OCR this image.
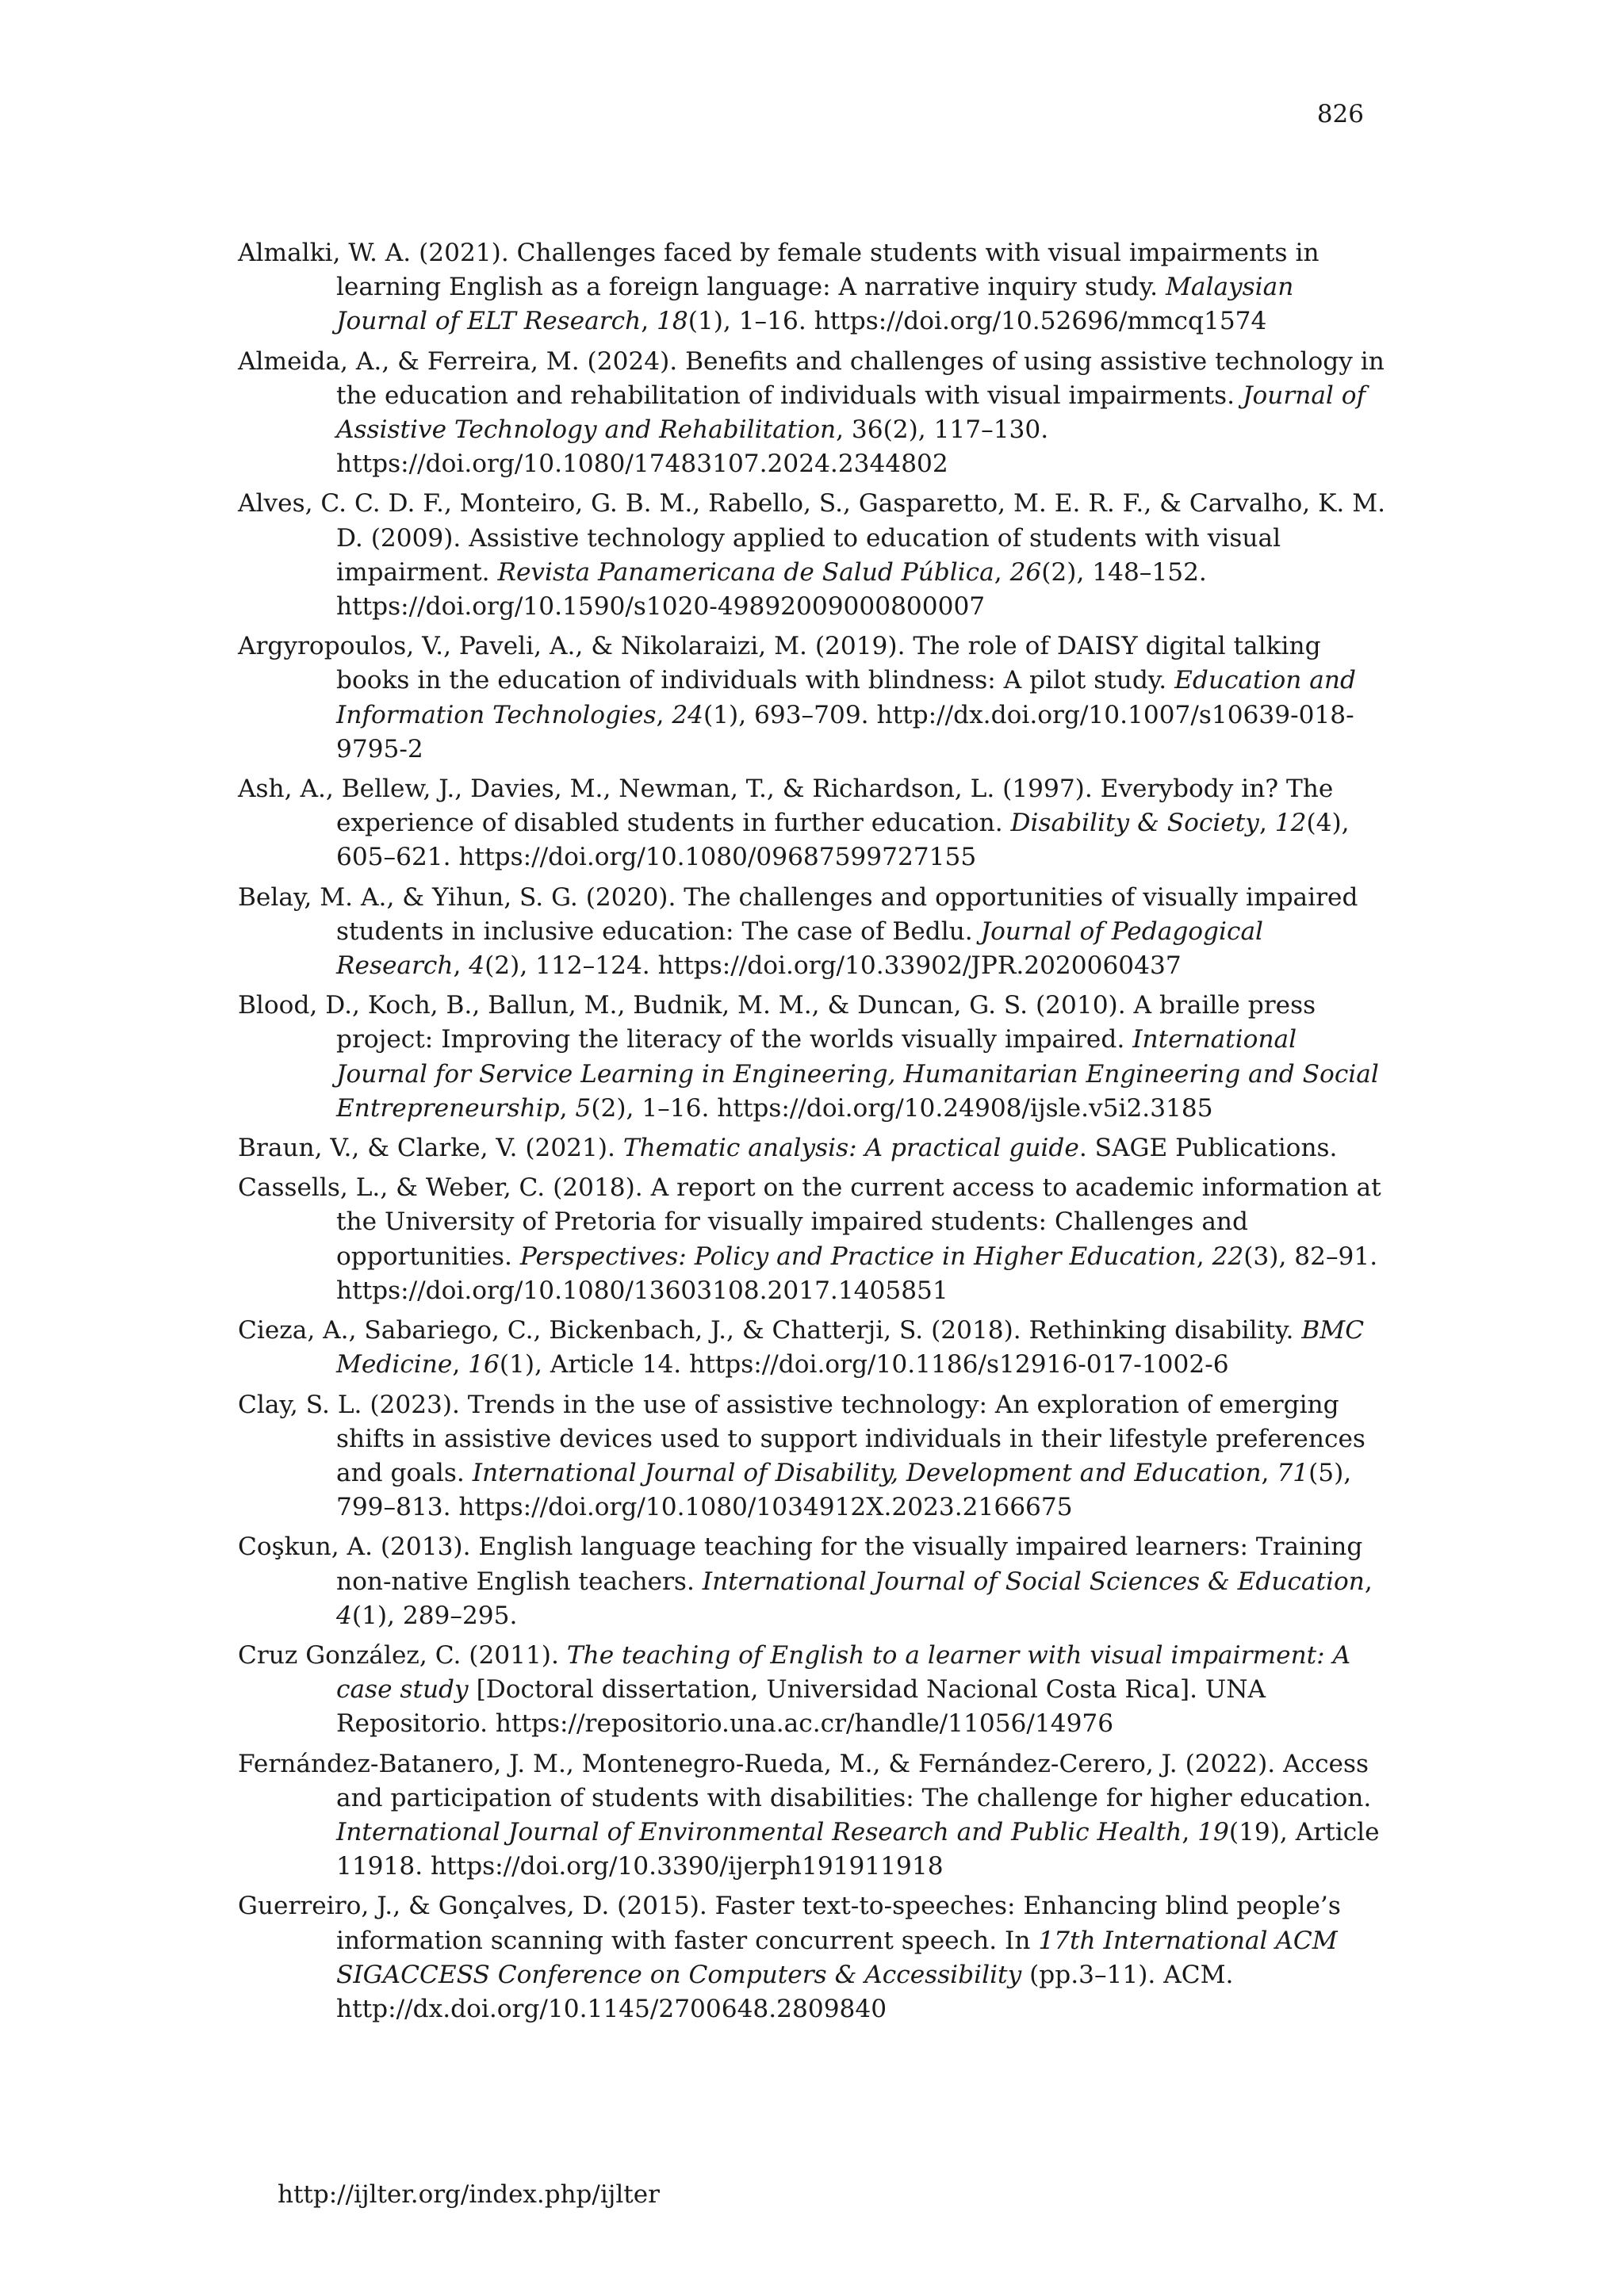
826

Almalki, W. A. (2021). Challenges faced by female students with visual impairments in learning English as a foreign language: A narrative inquiry study. Malaysian Journal of ELT Research, 18(1), 1–16. https://doi.org/10.52696/mmcq1574

Almeida, A., & Ferreira, M. (2024). Benefits and challenges of using assistive technology in the education and rehabilitation of individuals with visual impairments. Journal of Assistive Technology and Rehabilitation, 36(2), 117–130. https://doi.org/10.1080/17483107.2024.2344802

Alves, C. C. D. F., Monteiro, G. B. M., Rabello, S., Gasparetto, M. E. R. F., & Carvalho, K. M. D. (2009). Assistive technology applied to education of students with visual impairment. Revista Panamericana de Salud Pública, 26(2), 148–152. https://doi.org/10.1590/s1020-49892009000800007

Argyropoulos, V., Paveli, A., & Nikolaraizi, M. (2019). The role of DAISY digital talking books in the education of individuals with blindness: A pilot study. Education and Information Technologies, 24(1), 693–709. http://dx.doi.org/10.1007/s10639-018-9795-2

Ash, A., Bellew, J., Davies, M., Newman, T., & Richardson, L. (1997). Everybody in? The experience of disabled students in further education. Disability & Society, 12(4), 605–621. https://doi.org/10.1080/09687599727155

Belay, M. A., & Yihun, S. G. (2020). The challenges and opportunities of visually impaired students in inclusive education: The case of Bedlu. Journal of Pedagogical Research, 4(2), 112–124. https://doi.org/10.33902/JPR.2020060437

Blood, D., Koch, B., Ballun, M., Budnik, M. M., & Duncan, G. S. (2010). A braille press project: Improving the literacy of the worlds visually impaired. International Journal for Service Learning in Engineering, Humanitarian Engineering and Social Entrepreneurship, 5(2), 1–16. https://doi.org/10.24908/ijsle.v5i2.3185

Braun, V., & Clarke, V. (2021). Thematic analysis: A practical guide. SAGE Publications.

Cassells, L., & Weber, C. (2018). A report on the current access to academic information at the University of Pretoria for visually impaired students: Challenges and opportunities. Perspectives: Policy and Practice in Higher Education, 22(3), 82–91. https://doi.org/10.1080/13603108.2017.1405851

Cieza, A., Sabariego, C., Bickenbach, J., & Chatterji, S. (2018). Rethinking disability. BMC Medicine, 16(1), Article 14. https://doi.org/10.1186/s12916-017-1002-6

Clay, S. L. (2023). Trends in the use of assistive technology: An exploration of emerging shifts in assistive devices used to support individuals in their lifestyle preferences and goals. International Journal of Disability, Development and Education, 71(5), 799–813. https://doi.org/10.1080/1034912X.2023.2166675

Coşkun, A. (2013). English language teaching for the visually impaired learners: Training non-native English teachers. International Journal of Social Sciences & Education, 4(1), 289–295.

Cruz González, C. (2011). The teaching of English to a learner with visual impairment: A case study [Doctoral dissertation, Universidad Nacional Costa Rica]. UNA Repositorio. https://repositorio.una.ac.cr/handle/11056/14976

Fernández-Batanero, J. M., Montenegro-Rueda, M., & Fernández-Cerero, J. (2022). Access and participation of students with disabilities: The challenge for higher education. International Journal of Environmental Research and Public Health, 19(19), Article 11918. https://doi.org/10.3390/ijerph191911918

Guerreiro, J., & Gonçalves, D. (2015). Faster text-to-speeches: Enhancing blind people’s information scanning with faster concurrent speech. In 17th International ACM SIGACCESS Conference on Computers & Accessibility (pp.3–11). ACM. http://dx.doi.org/10.1145/2700648.2809840

http://ijlter.org/index.php/ijlter
